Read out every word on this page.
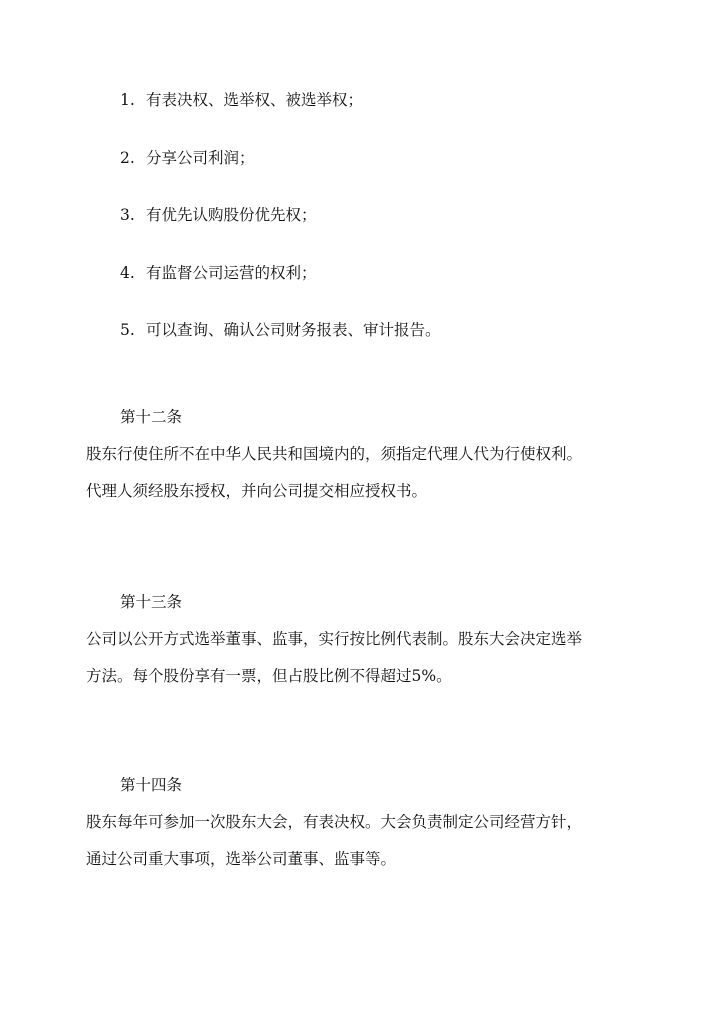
1. 有表决权、选举权、被选举权；
2. 分享公司利润；
3. 有优先认购股份优先权；
4. 有监督公司运营的权利；
5. 可以查询、确认公司财务报表、审计报告。
第十二条

股东行使住所不在中华人民共和国境内的，须指定代理人代为行使权利。
代理人须经股东授权，并向公司提交相应授权书。

第十三条

公司以公开方式选举董事、监事，实行按比例代表制。股东大会决定选举
方法。每个股份享有一票，但占股比例不得超过5%。

第十四条

股东每年可参加一次股东大会，有表决权。大会负责制定公司经营方针，
通过公司重大事项，选举公司董事、监事等。
